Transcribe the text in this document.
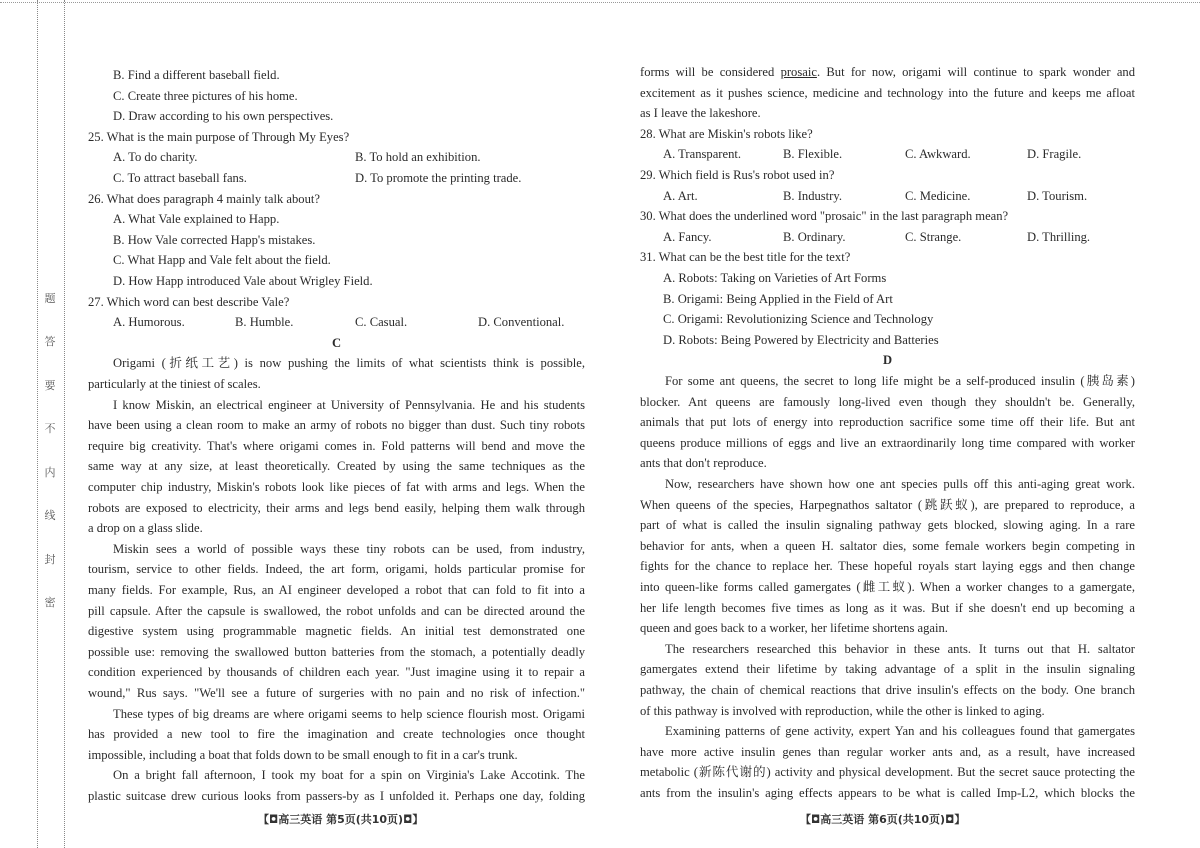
密
封
线
内
不
要
答
题
B. Find a different baseball field.
C. Create three pictures of his home.
D. Draw according to his own perspectives.
25. What is the main purpose of Through My Eyes?
A. To do charity.	B. To hold an exhibition.
C. To attract baseball fans.	D. To promote the printing trade.
26. What does paragraph 4 mainly talk about?
A. What Vale explained to Happ.
B. How Vale corrected Happ's mistakes.
C. What Happ and Vale felt about the field.
D. How Happ introduced Vale about Wrigley Field.
27. Which word can best describe Vale?
A. Humorous.	B. Humble.	C. Casual.	D. Conventional.
C
Origami (折纸工艺) is now pushing the limits of what scientists think is possible,
particularly at the tiniest of scales.
I know Miskin, an electrical engineer at University of Pennsylvania. He and his students
have been using a clean room to make an army of robots no bigger than dust. Such tiny robots
require big creativity. That's where origami comes in. Fold patterns will bend and move the
same way at any size, at least theoretically. Created by using the same techniques as the
computer chip industry, Miskin's robots look like pieces of fat with arms and legs. When the
robots are exposed to electricity, their arms and legs bend easily, helping them walk through
a drop on a glass slide.
Miskin sees a world of possible ways these tiny robots can be used, from industry,
tourism, service to other fields. Indeed, the art form, origami, holds particular promise for
many fields. For example, Rus, an AI engineer developed a robot that can fold to fit into a
pill capsule. After the capsule is swallowed, the robot unfolds and can be directed around the
digestive system using programmable magnetic fields. An initial test demonstrated one
possible use: removing the swallowed button batteries from the stomach, a potentially deadly
condition experienced by thousands of children each year. "Just imagine using it to repair a
wound," Rus says. "We'll see a future of surgeries with no pain and no risk of infection."
These types of big dreams are where origami seems to help science flourish most. Origami
has provided a new tool to fire the imagination and create technologies once thought
impossible, including a boat that folds down to be small enough to fit in a car's trunk.
On a bright fall afternoon, I took my boat for a spin on Virginia's Lake Accotink. The
plastic suitcase drew curious looks from passers-by as I unfolded it. Perhaps one day, folding
forms will be considered prosaic. But for now, origami will continue to spark wonder and
excitement as it pushes science, medicine and technology into the future and keeps me afloat
as I leave the lakeshore.
28. What are Miskin's robots like?
A. Transparent.	B. Flexible.	C. Awkward.	D. Fragile.
29. Which field is Rus's robot used in?
A. Art.	B. Industry.	C. Medicine.	D. Tourism.
30. What does the underlined word "prosaic" in the last paragraph mean?
A. Fancy.	B. Ordinary.	C. Strange.	D. Thrilling.
31. What can be the best title for the text?
A. Robots: Taking on Varieties of Art Forms
B. Origami: Being Applied in the Field of Art
C. Origami: Revolutionizing Science and Technology
D. Robots: Being Powered by Electricity and Batteries
D
For some ant queens, the secret to long life might be a self-produced insulin (胰岛素)
blocker. Ant queens are famously long-lived even though they shouldn't be. Generally,
animals that put lots of energy into reproduction sacrifice some time off their life. But ant
queens produce millions of eggs and live an extraordinarily long time compared with worker
ants that don't reproduce.
Now, researchers have shown how one ant species pulls off this anti-aging great work.
When queens of the species, Harpegnathos saltator (跳跃蚁), are prepared to reproduce, a
part of what is called the insulin signaling pathway gets blocked, slowing aging. In a rare
behavior for ants, when a queen H. saltator dies, some female workers begin competing in
fights for the chance to replace her. These hopeful royals start laying eggs and then change
into queen-like forms called gamergates (雌工蚁). When a worker changes to a gamergate,
her life length becomes five times as long as it was. But if she doesn't end up becoming a
queen and goes back to a worker, her lifetime shortens again.
The researchers researched this behavior in these ants. It turns out that H. saltator
gamergates extend their lifetime by taking advantage of a split in the insulin signaling
pathway, the chain of chemical reactions that drive insulin's effects on the body. One branch
of this pathway is involved with reproduction, while the other is linked to aging.
Examining patterns of gene activity, expert Yan and his colleagues found that gamergates
have more active insulin genes than regular worker ants and, as a result, have increased
metabolic (新陈代谢的) activity and physical development. But the secret sauce protecting the
ants from the insulin's aging effects appears to be what is called Imp-L2, which blocks the
【◘高三英语 第5页(共10页)◘】	【◘高三英语 第6页(共10页)◘】
